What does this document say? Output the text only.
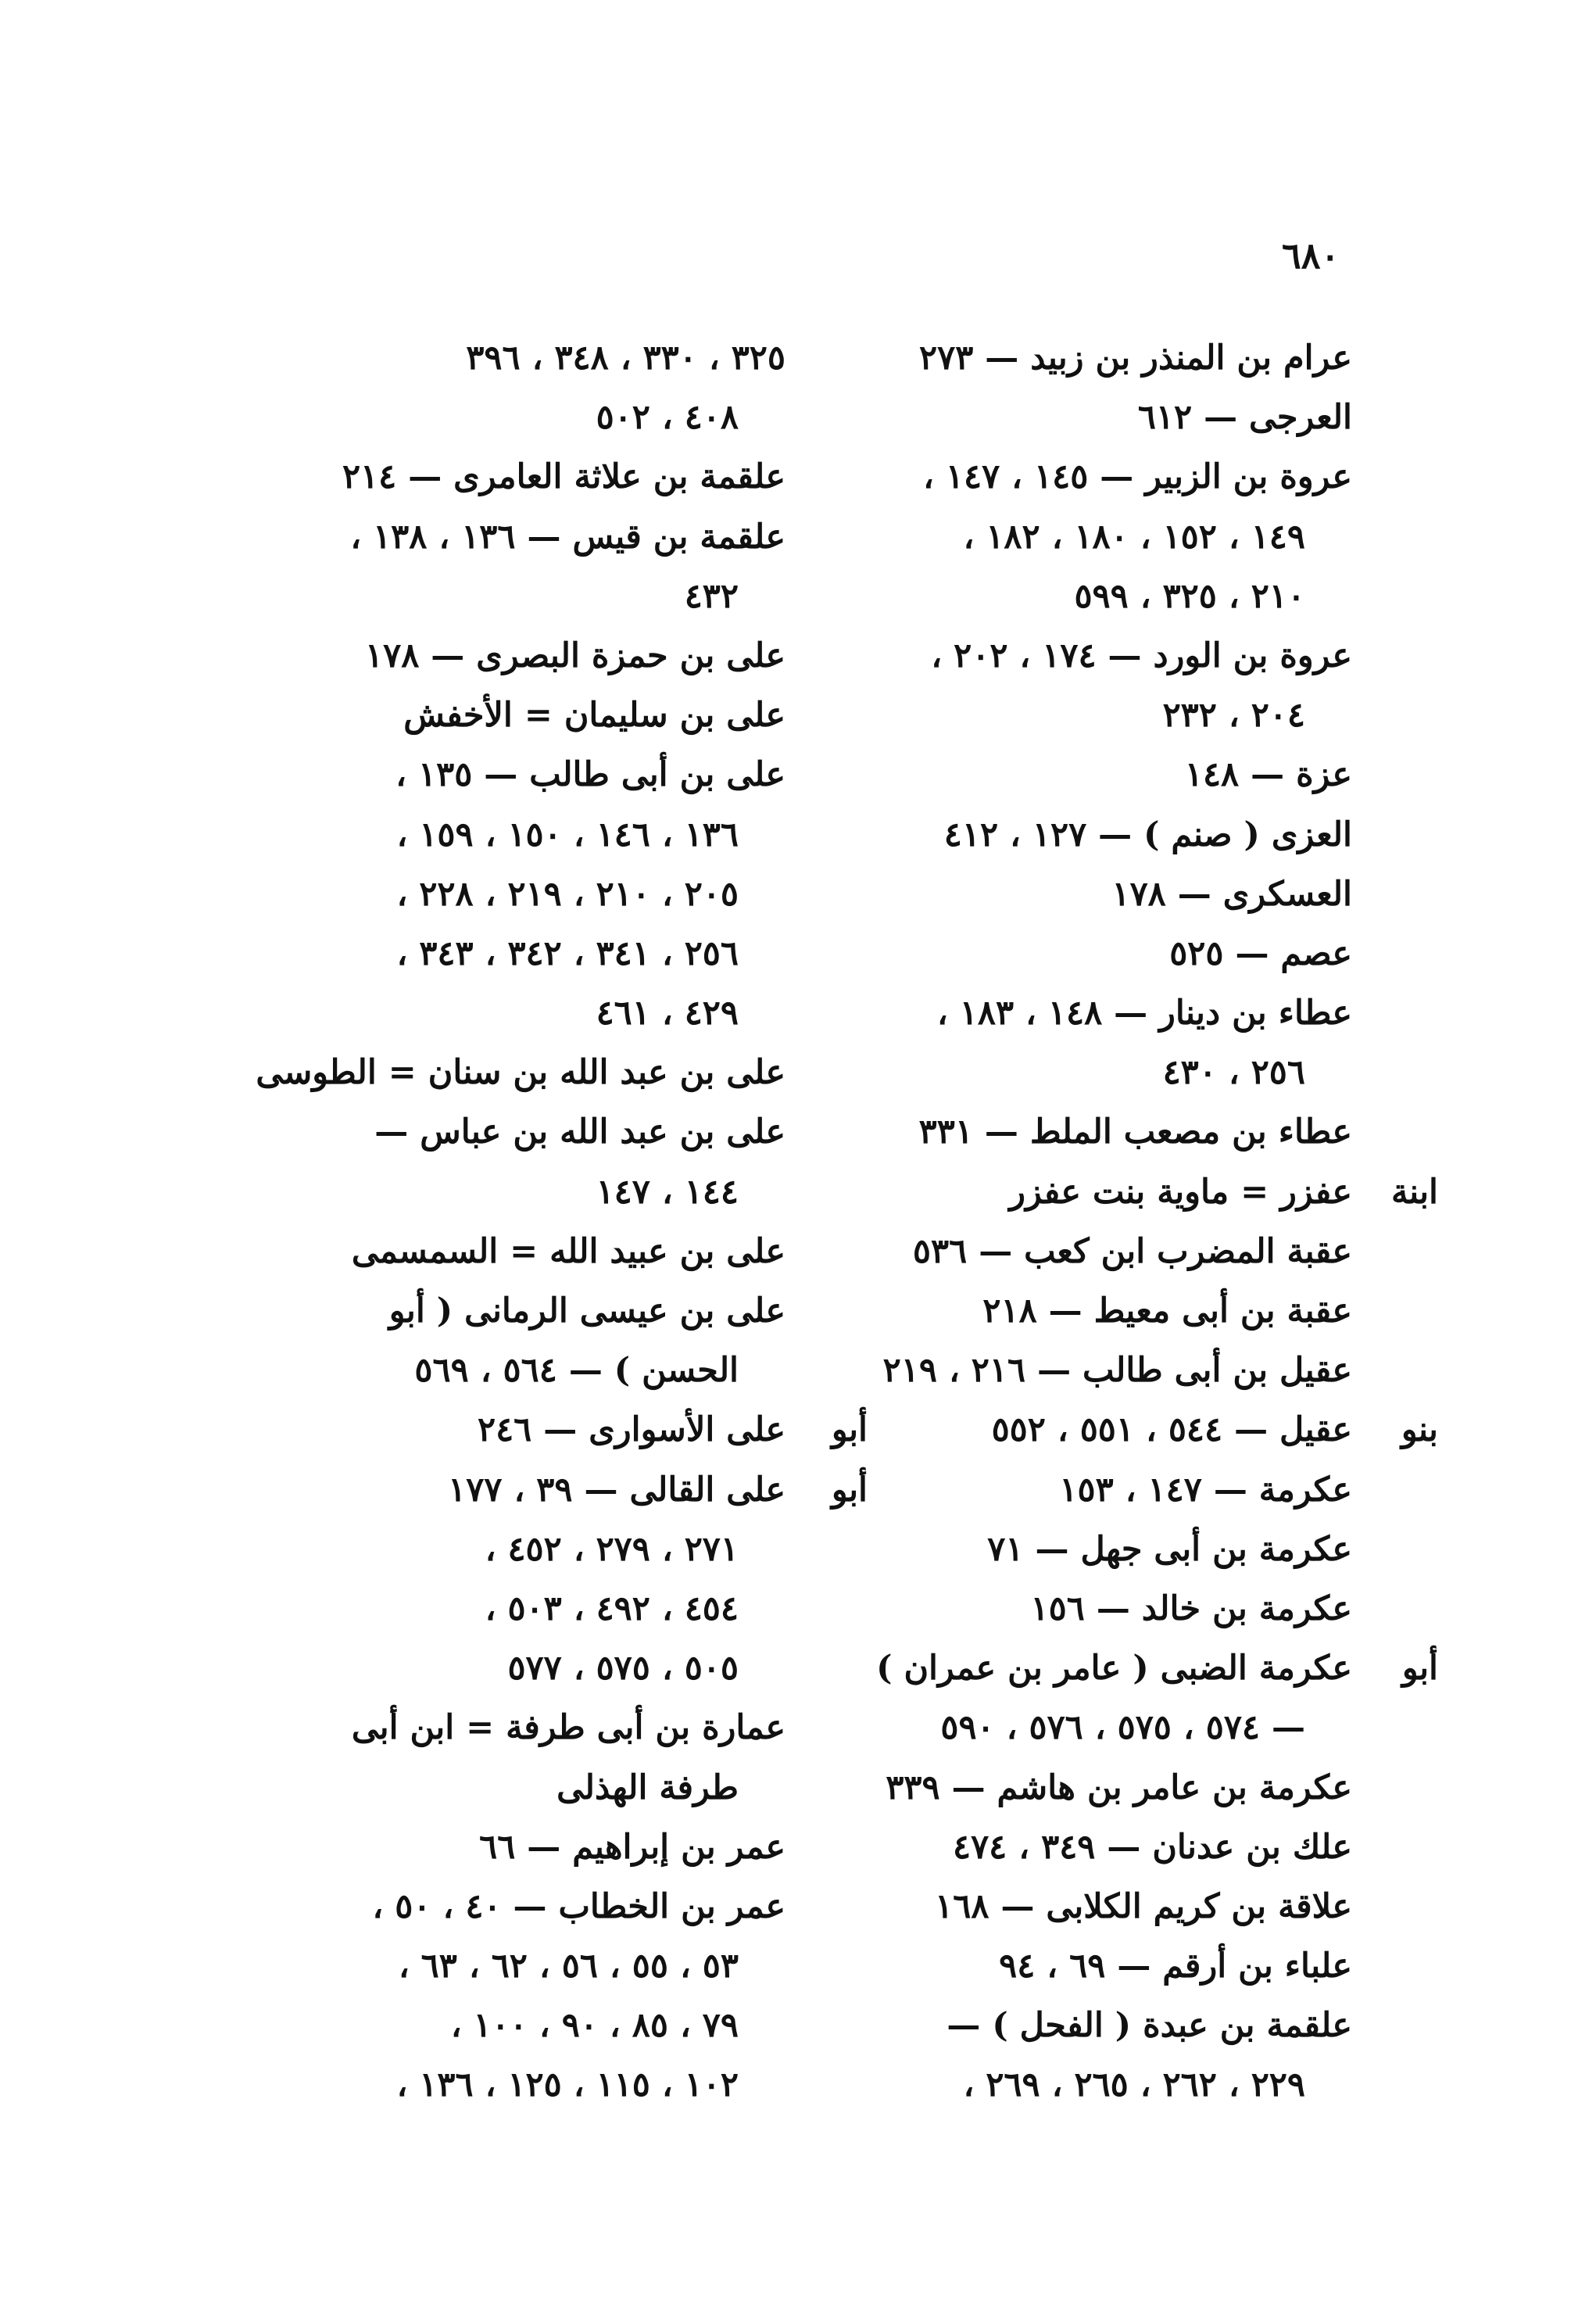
٦٨٠
عرام بن المنذر بن زبيد — ٢٧٣
العرجى — ٦١٢
عروة بن الزبير — ١٤٥ ، ١٤٧ ،
١٤٩ ، ١٥٢ ، ١٨٠ ، ١٨٢ ،
٢١٠ ، ٣٢٥ ، ٥٩٩
عروة بن الورد — ١٧٤ ، ٢٠٢ ،
٢٠٤ ، ٢٣٢
عزة — ١٤٨
العزى ( صنم ) — ١٢٧ ، ٤١٢
العسكرى — ١٧٨
عصم — ٥٢٥
عطاء بن دينار — ١٤٨ ، ١٨٣ ،
٢٥٦ ، ٤٣٠
عطاء بن مصعب الملط — ٣٣١
ابنة
عفزر = ماوية بنت عفزر
عقبة المضرب ابن كعب — ٥٣٦
عقبة بن أبى معيط — ٢١٨
عقيل بن أبى طالب — ٢١٦ ، ٢١٩
بنو
عقيل — ٥٤٤ ، ٥٥١ ، ٥٥٢
عكرمة — ١٤٧ ، ١٥٣
عكرمة بن أبى جهل — ٧١
عكرمة بن خالد — ١٥٦
أبو
عكرمة الضبى ( عامر بن عمران )
— ٥٧٤ ، ٥٧٥ ، ٥٧٦ ، ٥٩٠
عكرمة بن عامر بن هاشم — ٣٣٩
علك بن عدنان — ٣٤٩ ، ٤٧٤
علاقة بن كريم الكلابى — ١٦٨
علباء بن أرقم — ٦٩ ، ٩٤
علقمة بن عبدة ( الفحل ) —
٢٢٩ ، ٢٦٢ ، ٢٦٥ ، ٢٦٩ ،
٣٢٥ ، ٣٣٠ ، ٣٤٨ ، ٣٩٦
٤٠٨ ، ٥٠٢
علقمة بن علاثة العامرى — ٢١٤
علقمة بن قيس — ١٣٦ ، ١٣٨ ،
٤٣٢
على بن حمزة البصرى — ١٧٨
على بن سليمان = الأخفش
على بن أبى طالب — ١٣٥ ،
١٣٦ ، ١٤٦ ، ١٥٠ ، ١٥٩ ،
٢٠٥ ، ٢١٠ ، ٢١٩ ، ٢٢٨ ،
٢٥٦ ، ٣٤١ ، ٣٤٢ ، ٣٤٣ ،
٤٢٩ ، ٤٦١
على بن عبد الله بن سنان = الطوسى
على بن عبد الله بن عباس —
١٤٤ ، ١٤٧
على بن عبيد الله = السمسمى
على بن عيسى الرمانى ( أبو
الحسن ) — ٥٦٤ ، ٥٦٩
أبو
على الأسوارى — ٢٤٦
أبو
على القالى — ٣٩ ، ١٧٧
٢٧١ ، ٢٧٩ ، ٤٥٢ ،
٤٥٤ ، ٤٩٢ ، ٥٠٣ ،
٥٠٥ ، ٥٧٥ ، ٥٧٧
عمارة بن أبى طرفة = ابن أبى
طرفة الهذلى
عمر بن إبراهيم — ٦٦
عمر بن الخطاب — ٤٠ ، ٥٠ ،
٥٣ ، ٥٥ ، ٥٦ ، ٦٢ ، ٦٣ ،
٧٩ ، ٨٥ ، ٩٠ ، ١٠٠ ،
١٠٢ ، ١١٥ ، ١٢٥ ، ١٣٦ ،
